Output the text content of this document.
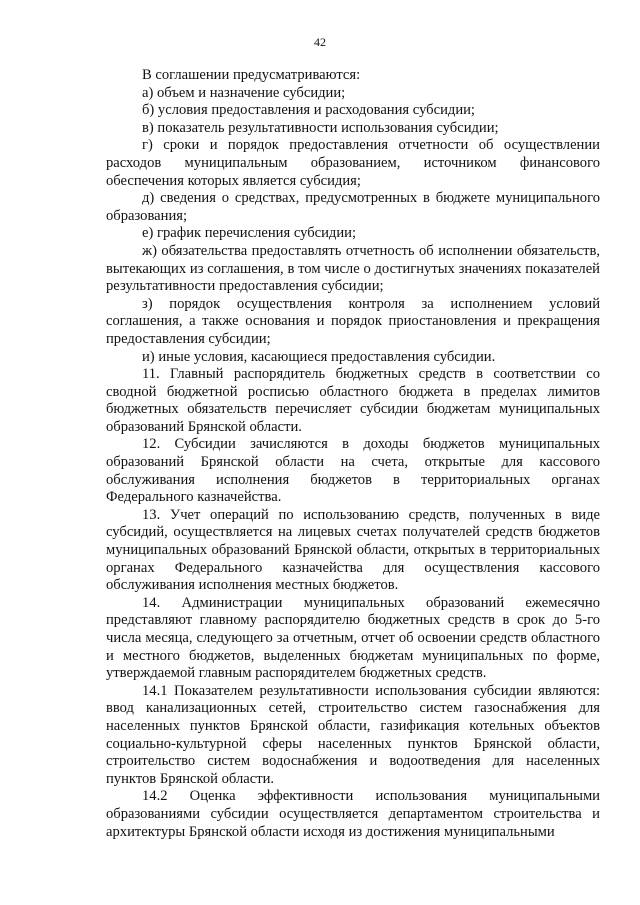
42

В соглашении предусматриваются:

а) объем и назначение субсидии;

б) условия предоставления и расходования субсидии;

в) показатель результативности использования субсидии;

г) сроки и порядок предоставления отчетности об осуществлении расходов муниципальным образованием, источником финансового обеспечения которых является субсидия;

д) сведения о средствах, предусмотренных в бюджете муниципального образования;

е) график перечисления субсидии;

ж) обязательства предоставлять отчетность об исполнении обязательств, вытекающих из соглашения, в том числе о достигнутых значениях показателей результативности предоставления субсидии;

з) порядок осуществления контроля за исполнением условий соглашения, а также основания и порядок приостановления и прекращения предоставления субсидии;

и) иные условия, касающиеся предоставления субсидии.

11. Главный распорядитель бюджетных средств в соответствии со сводной бюджетной росписью областного бюджета в пределах лимитов бюджетных обязательств перечисляет субсидии бюджетам муниципальных образований Брянской области.

12. Субсидии зачисляются в доходы бюджетов муниципальных образований Брянской области на счета, открытые для кассового обслуживания исполнения бюджетов в территориальных органах Федерального казначейства.

13. Учет операций по использованию средств, полученных в виде субсидий, осуществляется на лицевых счетах получателей средств бюджетов муниципальных образований Брянской области, открытых в территориальных органах Федерального казначейства для осуществления кассового обслуживания исполнения местных бюджетов.

14. Администрации муниципальных образований ежемесячно представляют главному распорядителю бюджетных средств в срок до 5-го числа месяца, следующего за отчетным, отчет об освоении средств областного и местного бюджетов, выделенных бюджетам муниципальных по форме, утверждаемой главным распорядителем бюджетных средств.

14.1 Показателем результативности использования субсидии являются: ввод канализационных сетей, строительство систем газоснабжения для населенных пунктов Брянской области, газификация котельных объектов социально-культурной сферы населенных пунктов Брянской области, строительство систем водоснабжения и водоотведения для населенных пунктов Брянской области.

14.2 Оценка эффективности использования муниципальными образованиями субсидии осуществляется департаментом строительства и архитектуры Брянской области исходя из достижения муниципальными
